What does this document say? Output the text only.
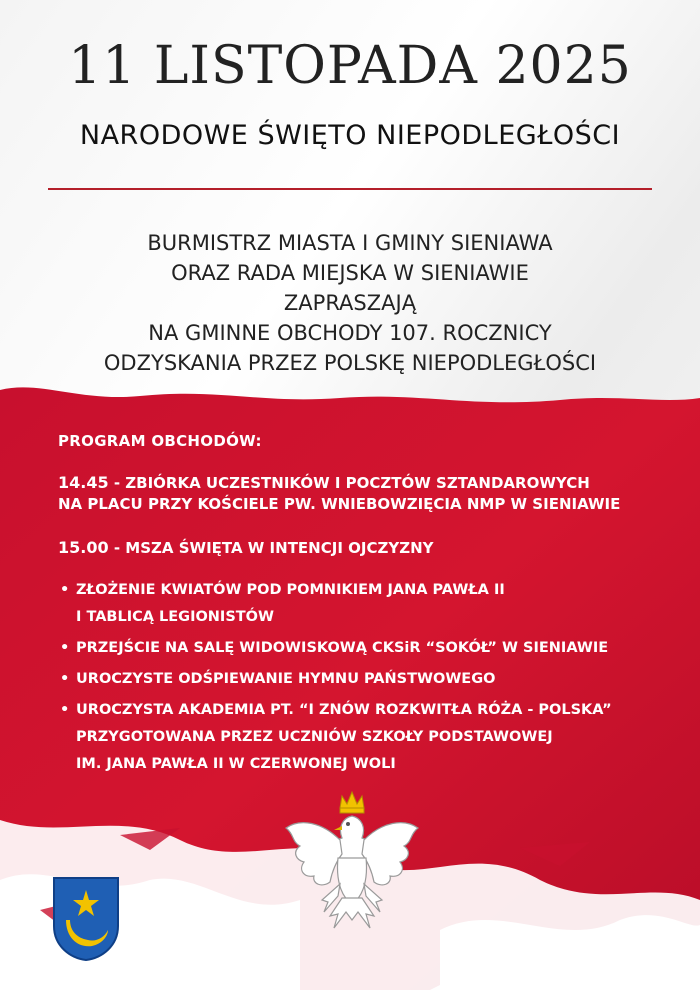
11 LISTOPADA 2025
NARODOWE ŚWIĘTO NIEPODLEGŁOŚCI
BURMISTRZ MIASTA I GMINY SIENIAWA
ORAZ RADA MIEJSKA W SIENIAWIE
ZAPRASZAJĄ
NA GMINNE OBCHODY 107. ROCZNICY
ODZYSKANIA PRZEZ POLSKĘ NIEPODLEGŁOŚCI
PROGRAM OBCHODÓW:
14.45 - ZBIÓRKA UCZESTNIKÓW I POCZTÓW SZTANDAROWYCH
NA PLACU PRZY KOŚCIELE PW. WNIEBOWZIĘCIA NMP W SIENIAWIE
15.00 - MSZA ŚWIĘTA W INTENCJI OJCZYZNY
• ZŁOŻENIE KWIATÓW POD POMNIKIEM JANA PAWŁA II
I TABLICĄ LEGIONISTÓW
• PRZEJŚCIE NA SALĘ WIDOWISKOWĄ CKSiR “SOKÓŁ” W SIENIAWIE
• UROCZYSTE ODŚPIEWANIE HYMNU PAŃSTWOWEGO
• UROCZYSTA AKADEMIA PT. “I ZNÓW ROZKWITŁA RÓŻA - POLSKA”
PRZYGOTOWANA PRZEZ UCZNIÓW SZKOŁY PODSTAWOWEJ
IM. JANA PAWŁA II W CZERWONEJ WOLI
